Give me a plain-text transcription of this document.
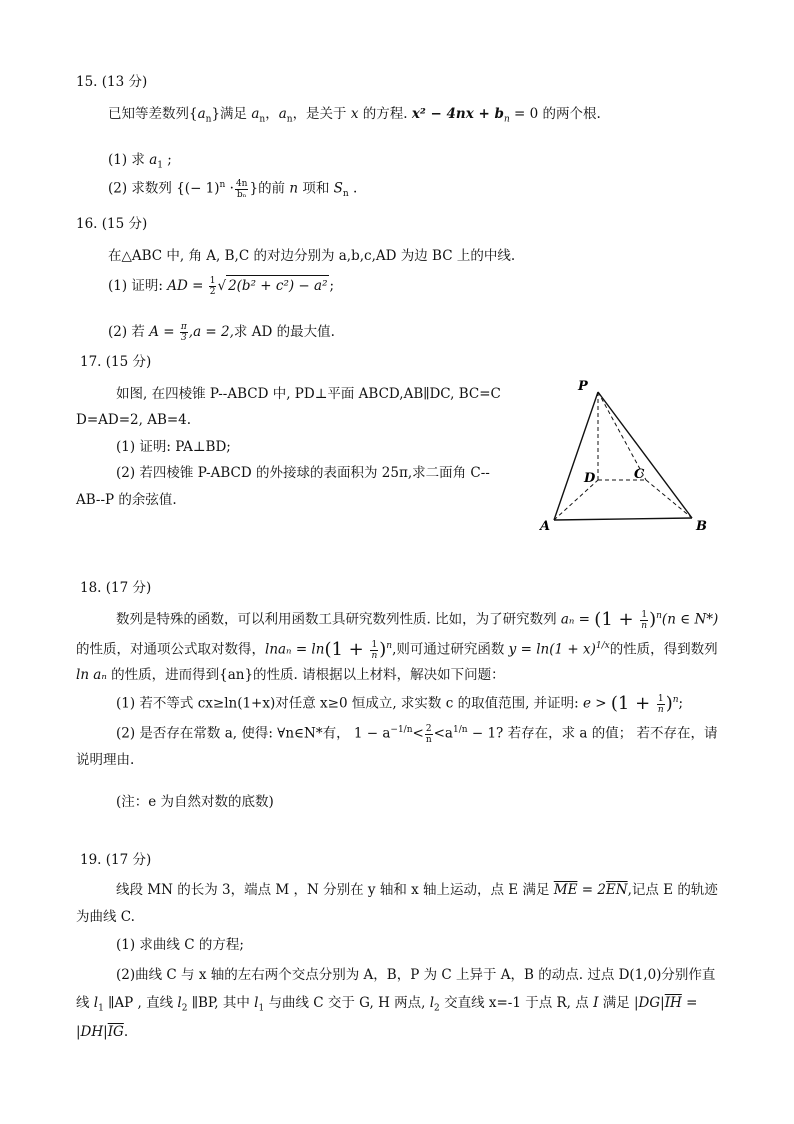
15. (13 分)
已知等差数列$\{a_n\}$满足 $a_n$，$a_n$，是关于 x 的方程. $x^2 - 4nx + b_n = 0$ 的两个根.
(1) 求 $a_1$ ;
(2) 求数列 {(− $1)^n \cdot \frac{4n}{\text{bₙ}}$ }的前 n 项和 $S_n$ .
16. (15 分)
在△ABC 中, 角 A, B,C 的对边分别为 a,b,c,AD 为边 BC 上的中线.
(1) 证明: AD = $\frac{1}{2}$ √ 2(b² + c²) − a² ;
(2) 若 $A = \frac{\pi}{3} ,a = 2$,求 AD 的最大值.
17. (15 分)
如图, 在四棱锥 P--ABCD 中, PD⊥平面 ABCD,AB∥DC, BC=C
D=AD=2, AB=4.
(1) 证明: PA⊥BD;
(2) 若四棱锥 P-ABCD 的外接球的表面积为 25π,求二面角 C--
AB--P 的余弦值.
P
A	B
C
D
18. (17 分)
数列是特殊的函数，可以利用函数工具研究数列性质. 比如，为了研究数列 $a_n = (1 + \frac{1}{n} )^n(n$ ∈ N*)
的性质，对通项公式取对数得，$\ln a_n = \ln(1 + \frac{1}{n} )^n$,则可通过研究函数 $y = \ln(1 + x)^{1/x}$的性质，得到数列
ln aₙ 的性质，进而得到{an}的性质. 请根据以上材料，解决如下问题：
(1) 若不等式 cx≥ln(1+x)对任意 x≥0 恒成立, 求实数 c 的取值范围, 并证明: $e > (1 + \frac{1}{n} )^n$;
(2) 是否存在常数 a, 使得: ∀n∈N*有， $1 - a^{-1/n}< \frac{2}{n} <a^{1/n} - 1$? 若存在，求 a 的值； 若不存在，请
说明理由.
(注：e 为自然对数的底数)
19. (17 分)
线段 MN 的长为 3，端点 M ，N 分别在 y 轴和 x 轴上运动，点 E 满足 $\overline{ME} = 2\overline{EN}$,记点 E 的轨迹
为曲线 C.
(1) 求曲线 C 的方程;
(2)曲线 C 与 x 轴的左右两个交点分别为 A，B，P 为 C 上异于 A，B 的动点. 过点 D(1,0)分别作直
线 $l_1$ ∥AP , 直线 $l_2$ ∥BP, 其中 $l_1$ 与曲线 C 交于 G, H 两点, $l_2$ 交直线 x=-1 于点 R, 点 I 满足 $|DG|\overline{IH}$ =
$|DH|\overline{IG}$.
